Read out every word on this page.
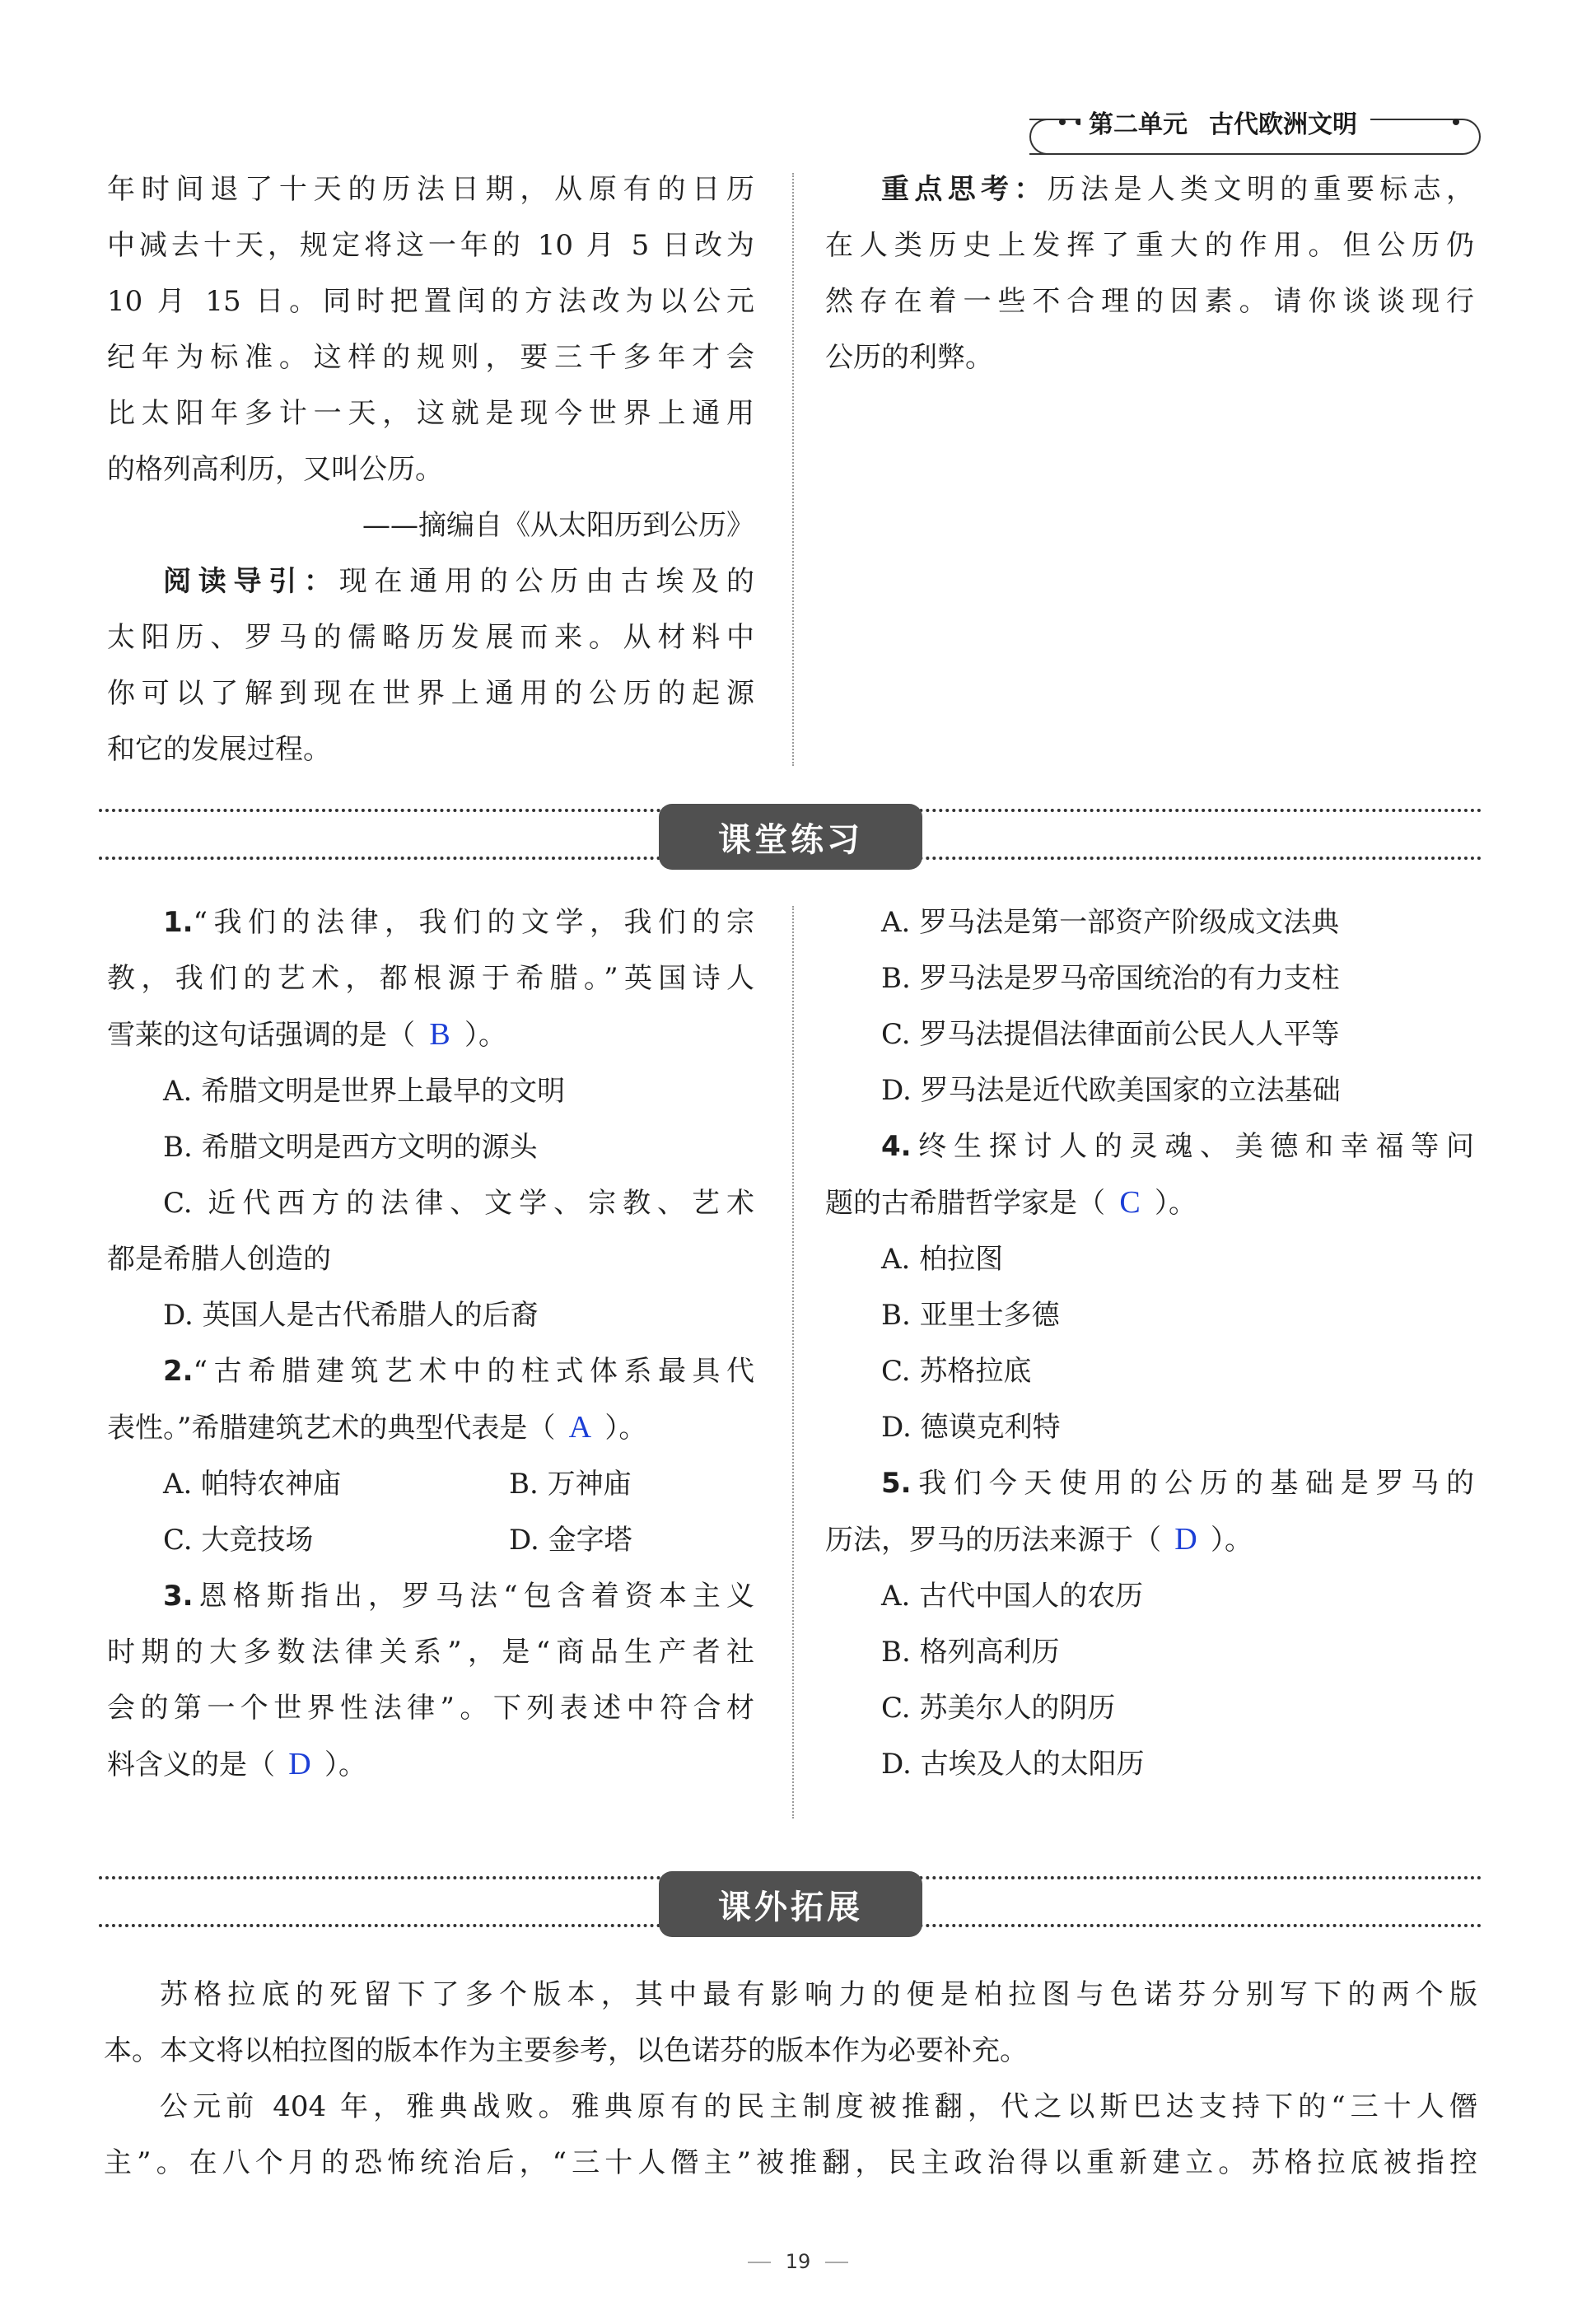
第二单元 古代欧洲文明

年时间退了十天的历法日期，从原有的日历

中减去十天，规定将这一年的 10 月 5 日改为

10 月 15 日。同时把置闰的方法改为以公元

纪年为标准。这样的规则，要三千多年才会

比太阳年多计一天，这就是现今世界上通用

的格列高利历，又叫公历。

——摘编自《从太阳历到公历》

阅读导引：现在通用的公历由古埃及的

太阳历、罗马的儒略历发展而来。从材料中

你可以了解到现在世界上通用的公历的起源

和它的发展过程。

重点思考：历法是人类文明的重要标志，

在人类历史上发挥了重大的作用。但公历仍

然存在着一些不合理的因素。请你谈谈现行

公历的利弊。

课堂练习

1.“我们的法律，我们的文学，我们的宗

教，我们的艺术，都根源于希腊。”英国诗人

雪莱的这句话强调的是（ B ）。

A. 希腊文明是世界上最早的文明

B. 希腊文明是西方文明的源头

C. 近代西方的法律、文学、宗教、艺术

都是希腊人创造的

D. 英国人是古代希腊人的后裔

2.“古希腊建筑艺术中的柱式体系最具代

表性。”希腊建筑艺术的典型代表是（ A ）。

A. 帕特农神庙	B. 万神庙

C. 大竞技场	D. 金字塔

3.恩格斯指出，罗马法“包含着资本主义

时期的大多数法律关系”，是“商品生产者社

会的第一个世界性法律”。下列表述中符合材

料含义的是（ D ）。

A. 罗马法是第一部资产阶级成文法典

B. 罗马法是罗马帝国统治的有力支柱

C. 罗马法提倡法律面前公民人人平等

D. 罗马法是近代欧美国家的立法基础

4.终生探讨人的灵魂、美德和幸福等问

题的古希腊哲学家是（ C ）。

A. 柏拉图

B. 亚里士多德

C. 苏格拉底

D. 德谟克利特

5.我们今天使用的公历的基础是罗马的

历法，罗马的历法来源于（ D ）。

A. 古代中国人的农历

B. 格列高利历

C. 苏美尔人的阴历

D. 古埃及人的太阳历

课外拓展

苏格拉底的死留下了多个版本，其中最有影响力的便是柏拉图与色诺芬分别写下的两个版

本。本文将以柏拉图的版本作为主要参考，以色诺芬的版本作为必要补充。

公元前 404 年，雅典战败。雅典原有的民主制度被推翻，代之以斯巴达支持下的“三十人僭

主”。在八个月的恐怖统治后，“三十人僭主”被推翻，民主政治得以重新建立。苏格拉底被指控

19
